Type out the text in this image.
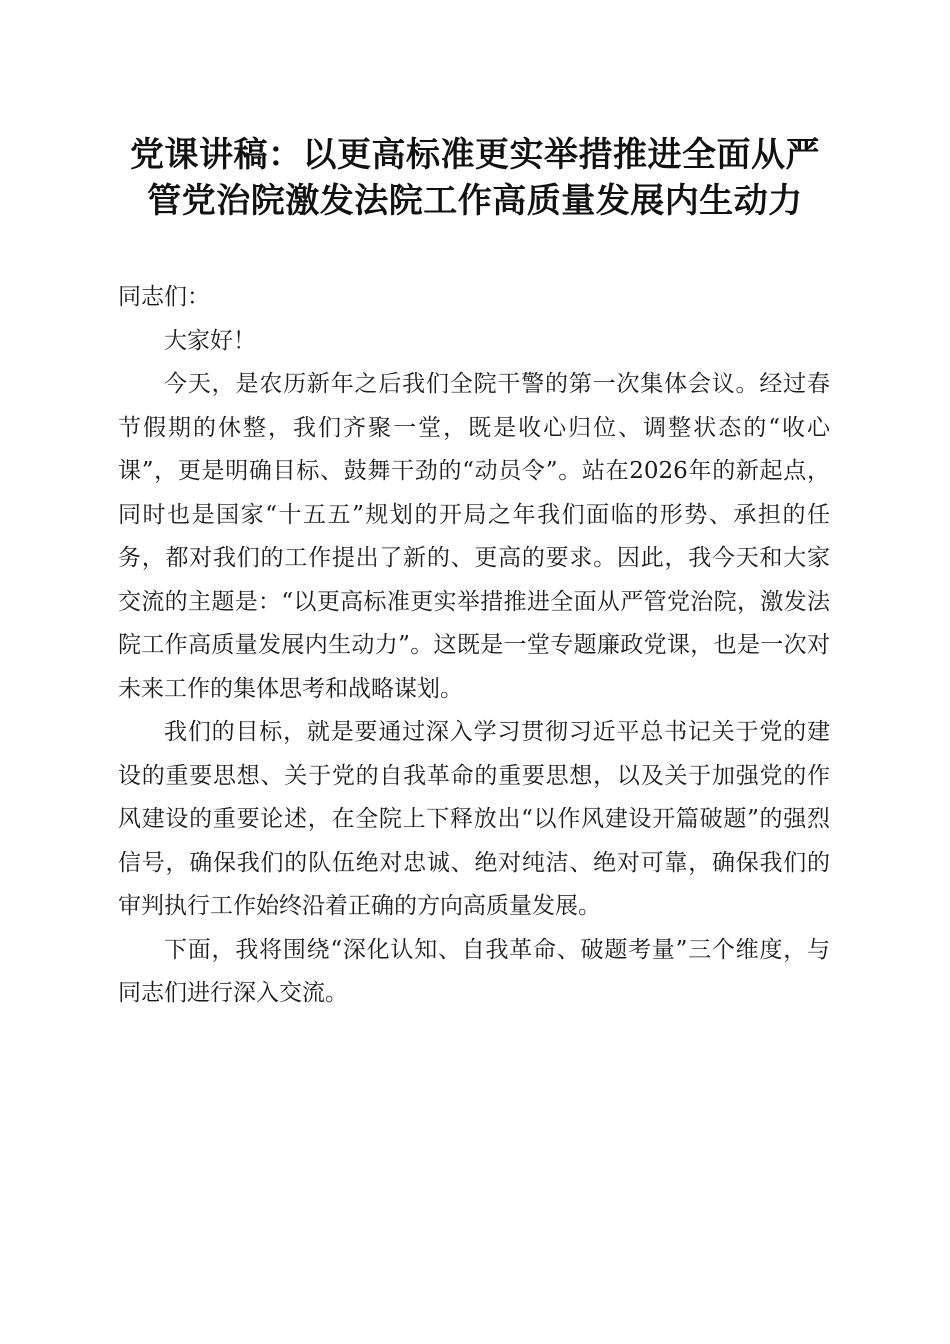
党课讲稿：以更高标准更实举措推进全面从严
管党治院激发法院工作高质量发展内生动力

同志们：

大家好！

今天，是农历新年之后我们全院干警的第一次集体会议。经过春节假期的休整，我们齐聚一堂，既是收心归位、调整状态的“收心课”，更是明确目标、鼓舞干劲的“动员令”。站在2026年的新起点，同时也是国家“十五五”规划的开局之年我们面临的形势、承担的任务，都对我们的工作提出了新的、更高的要求。因此，我今天和大家交流的主题是：“以更高标准更实举措推进全面从严管党治院，激发法院工作高质量发展内生动力”。这既是一堂专题廉政党课，也是一次对未来工作的集体思考和战略谋划。

我们的目标，就是要通过深入学习贯彻习近平总书记关于党的建设的重要思想、关于党的自我革命的重要思想，以及关于加强党的作风建设的重要论述，在全院上下释放出“以作风建设开篇破题”的强烈信号，确保我们的队伍绝对忠诚、绝对纯洁、绝对可靠，确保我们的审判执行工作始终沿着正确的方向高质量发展。

下面，我将围绕“深化认知、自我革命、破题考量”三个维度，与同志们进行深入交流。
